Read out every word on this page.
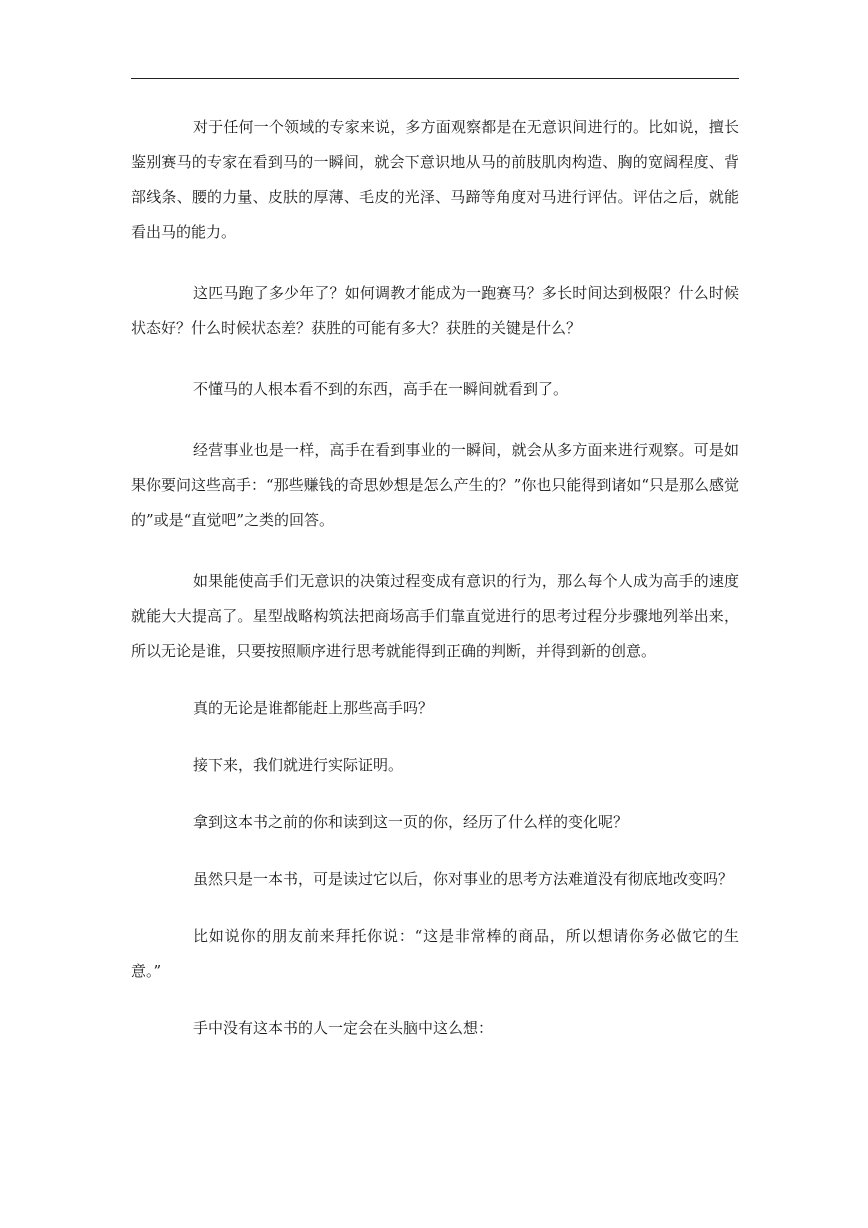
对于任何一个领域的专家来说，多方面观察都是在无意识间进行的。比如说，擅长鉴别赛马的专家在看到马的一瞬间，就会下意识地从马的前肢肌肉构造、胸的宽阔程度、背部线条、腰的力量、皮肤的厚薄、毛皮的光泽、马蹄等角度对马进行评估。评估之后，就能看出马的能力。

这匹马跑了多少年了？如何调教才能成为一跑赛马？多长时间达到极限？什么时候状态好？什么时候状态差？获胜的可能有多大？获胜的关键是什么？

不懂马的人根本看不到的东西，高手在一瞬间就看到了。

经营事业也是一样，高手在看到事业的一瞬间，就会从多方面来进行观察。可是如果你要问这些高手：“那些赚钱的奇思妙想是怎么产生的？”你也只能得到诸如“只是那么感觉的”或是“直觉吧”之类的回答。

如果能使高手们无意识的决策过程变成有意识的行为，那么每个人成为高手的速度就能大大提高了。星型战略构筑法把商场高手们靠直觉进行的思考过程分步骤地列举出来，所以无论是谁，只要按照顺序进行思考就能得到正确的判断，并得到新的创意。

真的无论是谁都能赶上那些高手吗？

接下来，我们就进行实际证明。

拿到这本书之前的你和读到这一页的你，经历了什么样的变化呢？

虽然只是一本书，可是读过它以后，你对事业的思考方法难道没有彻底地改变吗？

比如说你的朋友前来拜托你说：“这是非常棒的商品，所以想请你务必做它的生意。”

手中没有这本书的人一定会在头脑中这么想：
